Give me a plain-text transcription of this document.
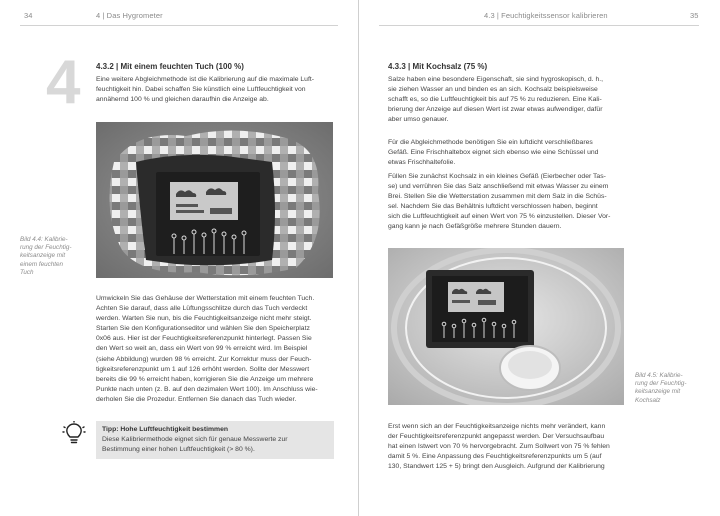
34	4 | Das Hygrometer
4 4.3.2 | Mit einem feuchten Tuch (100 %)
Eine weitere Abgleichmethode ist die Kalibrierung auf die maximale Luft-
feuchtigkeit hin. Dabei schaffen Sie künstlich eine Luftfeuchtigkeit von
annähernd 100 % und gleichen daraufhin die Anzeige ab.
Bild 4.4: Kalibrie-
rung der Feuchtig-
keitsanzeige mit
einem feuchten
Tuch
Umwickeln Sie das Gehäuse der Wetterstation mit einem feuchten Tuch.
Achten Sie darauf, dass alle Lüftungsschlitze durch das Tuch verdeckt
werden. Warten Sie nun, bis die Feuchtigkeitsanzeige nicht mehr steigt.
Starten Sie den Konfigurationseditor und wählen Sie den Speicherplatz
0x06 aus. Hier ist der Feuchtigkeitsreferenzpunkt hinterlegt. Passen Sie
den Wert so weit an, dass ein Wert von 99 % erreicht wird. Im Beispiel
(siehe Abbildung) wurden 98 % erreicht. Zur Korrektur muss der Feuch-
tigkeitsreferenzpunkt um 1 auf 126 erhöht werden. Sollte der Messwert
bereits die 99 % erreicht haben, korrigieren Sie die Anzeige um mehrere
Punkte nach unten (z. B. auf den dezimalen Wert 100). Im Anschluss wie-
derholen Sie die Prozedur. Entfernen Sie danach das Tuch wieder.
Tipp: Hohe Luftfeuchtigkeit bestimmen
Diese Kalibriermethode eignet sich für genaue Messwerte zur
Bestimmung einer hohen Luftfeuchtigkeit (> 80 %).
4.3 | Feuchtigkeitssensor kalibrieren	35
4.3.3 | Mit Kochsalz (75 %)
Salze haben eine besondere Eigenschaft, sie sind hygroskopisch, d. h.,
sie ziehen Wasser an und binden es an sich. Kochsalz beispielsweise
schafft es, so die Luftfeuchtigkeit bis auf 75 % zu reduzieren. Eine Kali-
brierung der Anzeige auf diesen Wert ist zwar etwas aufwendiger, dafür
aber umso genauer.
Für die Abgleichmethode benötigen Sie ein luftdicht verschließbares
Gefäß. Eine Frischhaltebox eignet sich ebenso wie eine Schüssel und
etwas Frischhaltefolie.
Füllen Sie zunächst Kochsalz in ein kleines Gefäß (Eierbecher oder Tas-
se) und verrühren Sie das Salz anschließend mit etwas Wasser zu einem
Brei. Stellen Sie die Wetterstation zusammen mit dem Salz in die Schüs-
sel. Nachdem Sie das Behältnis luftdicht verschlossen haben, beginnt
sich die Luftfeuchtigkeit auf einen Wert von 75 % einzustellen. Dieser Vor-
gang kann je nach Gefäßgröße mehrere Stunden dauern.
Bild 4.5: Kalibrie-
rung der Feuchtig-
keitsanzeige mit
Kochsalz
Erst wenn sich an der Feuchtigkeitsanzeige nichts mehr verändert, kann
der Feuchtigkeitsreferenzpunkt angepasst werden. Der Versuchsaufbau
hat einen Istwert von 70 % hervorgebracht. Zum Sollwert von 75 % fehlen
damit 5 %. Eine Anpassung des Feuchtigkeitsreferenzpunkts um 5 (auf
130, Standwert 125 + 5) bringt den Ausgleich. Aufgrund der Kalibrierung
